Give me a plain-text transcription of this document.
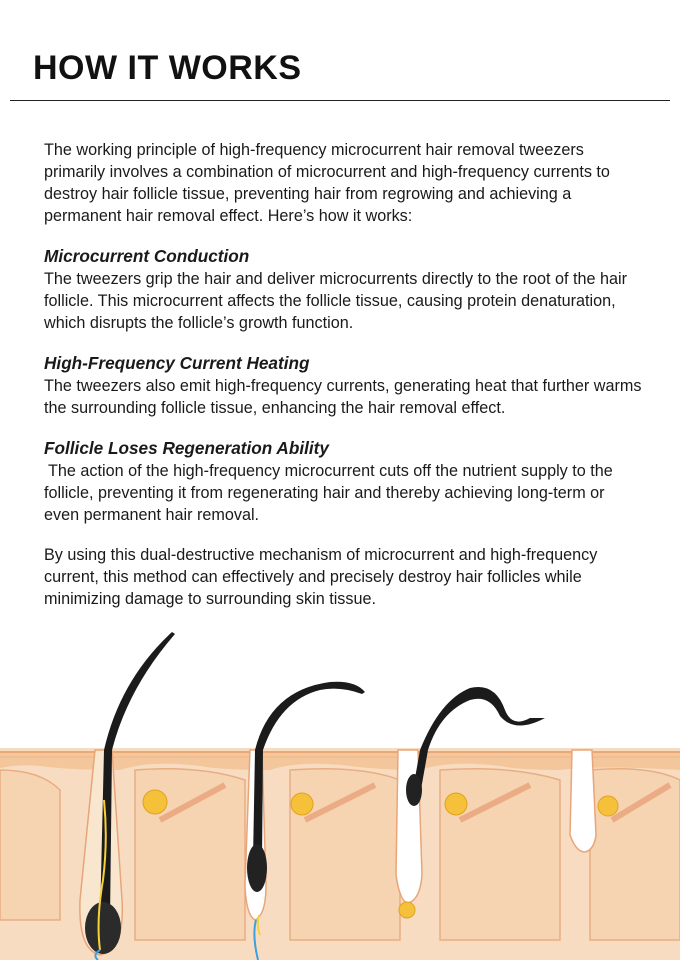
HOW IT WORKS

The working principle of high-frequency microcurrent hair removal tweezers primarily involves a combination of microcurrent and high-frequency currents to destroy hair follicle tissue, preventing hair from regrowing and achieving a permanent hair removal effect. Here’s how it works:

Microcurrent Conduction

The tweezers grip the hair and deliver microcurrents directly to the root of the hair follicle. This microcurrent affects the follicle tissue, causing protein denaturation, which disrupts the follicle’s growth function.

High-Frequency Current Heating

The tweezers also emit high-frequency currents, generating heat that further warms the surrounding follicle tissue, enhancing the hair removal effect.

Follicle Loses Regeneration Ability

The action of the high-frequency microcurrent cuts off the nutrient supply to the follicle, preventing it from regenerating hair and thereby achieving long-term or even permanent hair removal.

By using this dual-destructive mechanism of microcurrent and high-frequency current, this method can effectively and precisely destroy hair follicles while minimizing damage to surrounding skin tissue.
